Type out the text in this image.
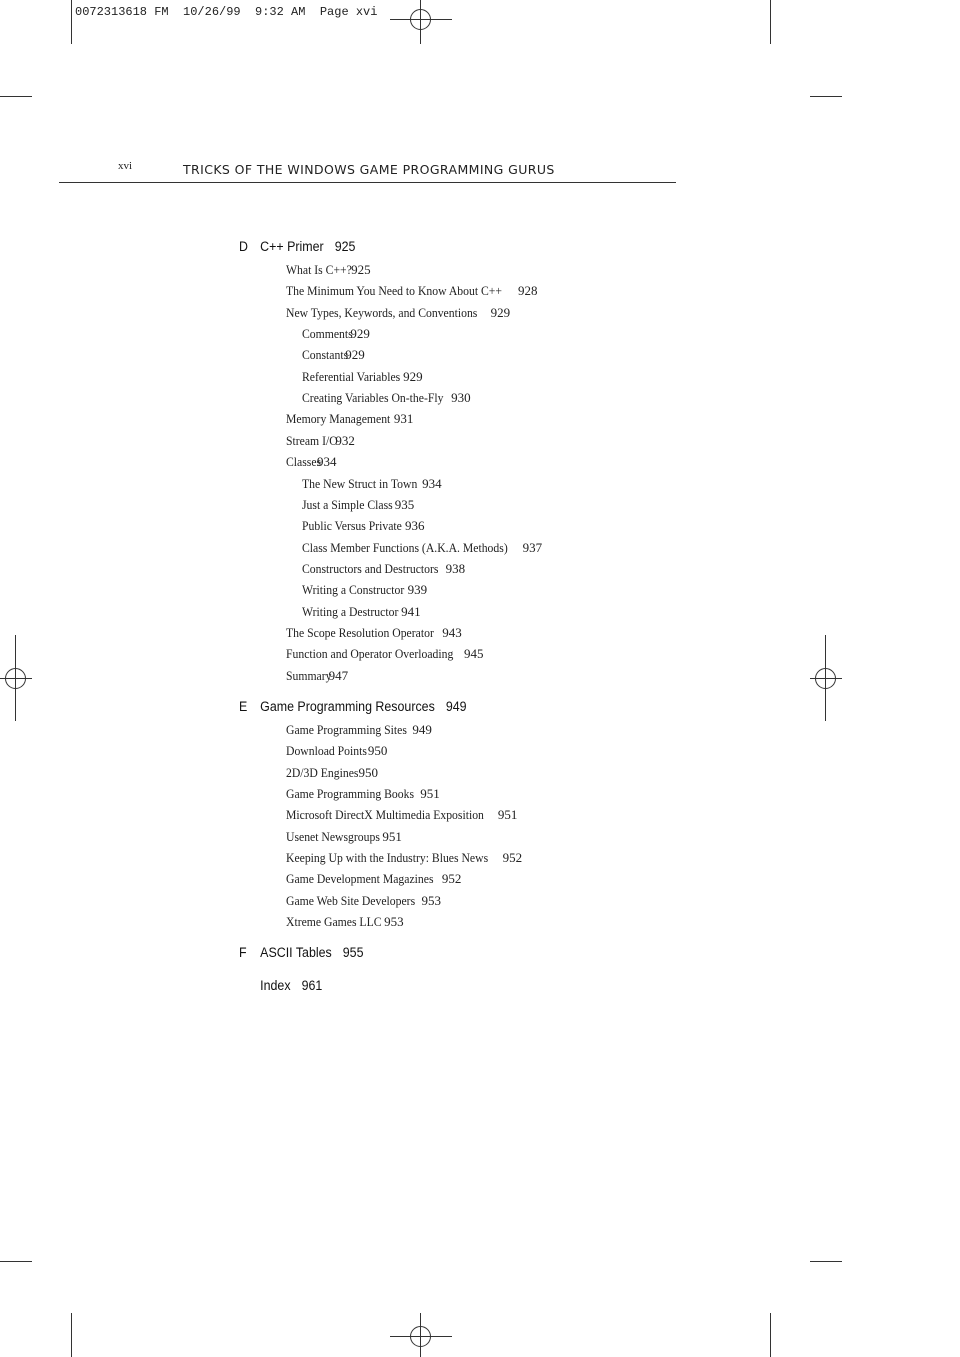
0072313618 FM  10/26/99  9:32 AM  Page xvi
xvi	TRICKS OF THE WINDOWS GAME PROGRAMMING GURUS
D C++ Primer 925
What Is C++? 925
The Minimum You Need to Know About C++ 928
New Types, Keywords, and Conventions 929
Comments
929
Constants
929
Referential Variables 929
Creating Variables On-the-Fly 930
Memory Management 931
Stream I/O
932
Classes
934
The New Struct in Town 934
Just a Simple Class 935
Public Versus Private 936
Class Member Functions (A.K.A. Methods) 937
Constructors and Destructors 938
Writing a Constructor 939
Writing a Destructor 941
The Scope Resolution Operator 943
Function and Operator Overloading 945
Summary
947
E Game Programming Resources 949
Game Programming Sites 949
Download Points 950
2D/3D Engines 950
Game Programming Books 951
Microsoft DirectX Multimedia Exposition 951
Usenet Newsgroups 951
Keeping Up with the Industry: Blues News 952
Game Development Magazines 952
Game Web Site Developers 953
Xtreme Games LLC 953
F ASCII Tables 955
Index 961
